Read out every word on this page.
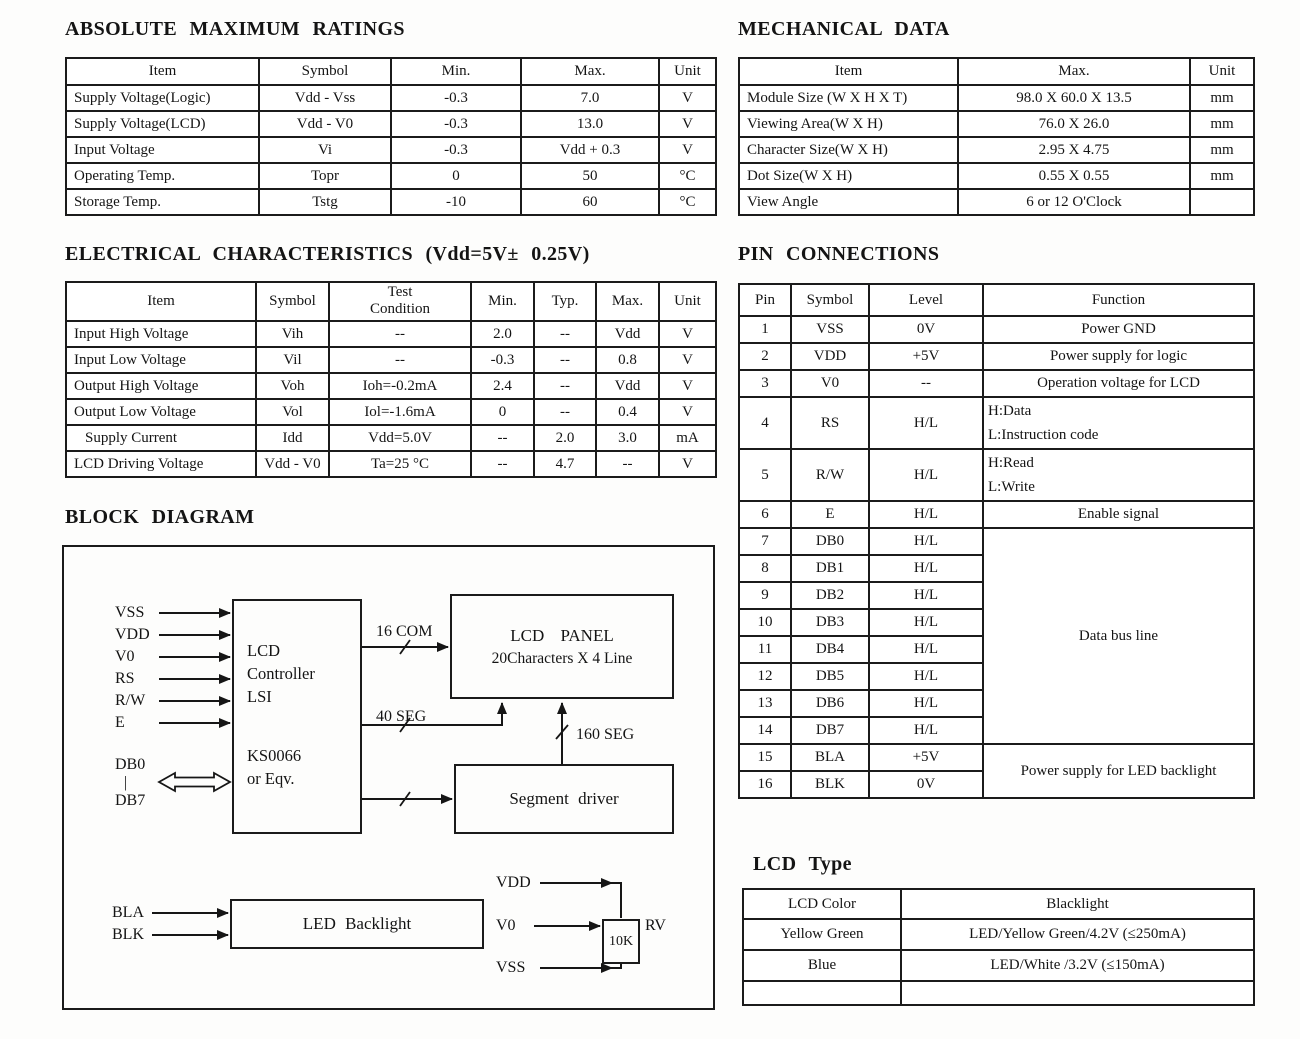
ABSOLUTE MAXIMUM RATINGS
Item	Symbol	Min.	Max.	Unit
Supply Voltage(Logic)	Vdd - Vss	-0.3	7.0	V
Supply Voltage(LCD)	Vdd - V0	-0.3	13.0	V
Input Voltage	Vi	-0.3	Vdd + 0.3	V
Operating Temp.	Topr	0	50	°C
Storage Temp.	Tstg	-10	60	°C
MECHANICAL DATA
Item	Max.	Unit
Module Size (W X H X T)	98.0 X 60.0 X 13.5	mm
Viewing Area(W X H)	76.0 X 26.0	mm
Character Size(W X H)	2.95 X 4.75	mm
Dot Size(W X H)	0.55 X 0.55	mm
View Angle	6 or 12 O'Clock	
ELECTRICAL CHARACTERISTICS (Vdd=5V± 0.25V)
Item	Symbol	Test Condition	Min.	Typ.	Max.	Unit
Input High Voltage	Vih	--	2.0	--	Vdd	V
Input Low Voltage	Vil	--	-0.3	--	0.8	V
Output High Voltage	Voh	Ioh=-0.2mA	2.4	--	Vdd	V
Output Low Voltage	Vol	Iol=-1.6mA	0	--	0.4	V
Supply Current	Idd	Vdd=5.0V	--	2.0	3.0	mA
LCD Driving Voltage	Vdd - V0	Ta=25 °C	--	4.7	--	V
PIN CONNECTIONS
Pin	Symbol	Level	Function
1	VSS	0V	Power GND
2	VDD	+5V	Power supply for logic
3	V0	--	Operation voltage for LCD
4	RS	H/L	H:Data
L:Instruction code

5	R/W	H/L	H:Read
L:Write

6	E	H/L	Enable signal
7	DB0	H/L	Data bus line
8	DB1	H/L	
9	DB2	H/L	
10	DB3	H/L	
11	DB4	H/L	
12	DB5	H/L	
13	DB6	H/L	
14	DB7	H/L	
15	BLA	+5V	Power supply for LED backlight
16	BLK	0V	
BLOCK DIAGRAM
LCD
Controller
LSI
KS0066
or Eqv.
LCD PANEL
20Characters X 4 Line
Segment driver
LED Backlight
10K
VSS
VDD
V0
RS
R/W
E
DB0
|
DB7
16 COM
40 SEG
160 SEG
VDD
V0
VSS
BLA
BLK
RV
LCD Type
LCD Color	Blacklight
Yellow Green	LED/Yellow Green/4.2V (≤250mA)
Blue	LED/White /3.2V (≤150mA)
